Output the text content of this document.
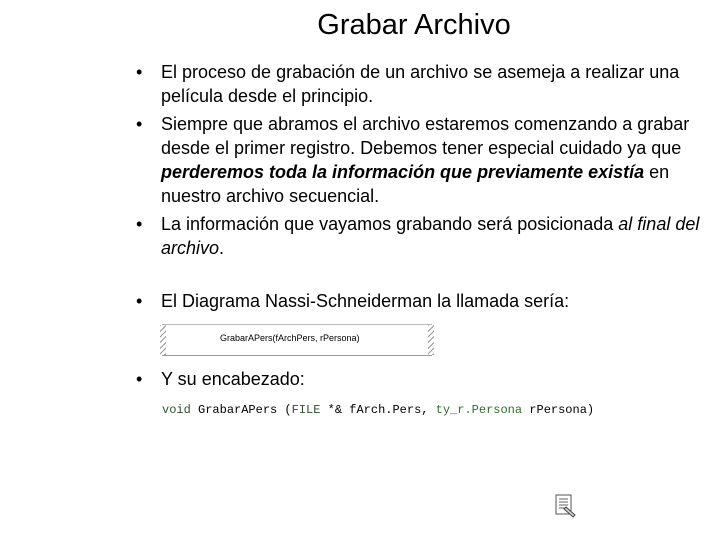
Grabar Archivo
• El proceso de grabación de un archivo se asemeja a realizar una película desde el principio.
• Siempre que abramos el archivo estaremos comenzando a grabar desde el primer registro. Debemos tener especial cuidado ya que perderemos toda la información que previamente existía en nuestro archivo secuencial.
• La información que vayamos grabando será posicionada al final del archivo.
• El Diagrama Nassi-Schneiderman la llamada sería:
GrabarAPers(fArchPers, rPersona)
• Y su encabezado:
void GrabarAPers (FILE *& fArch.Pers, ty_r.Persona rPersona)
